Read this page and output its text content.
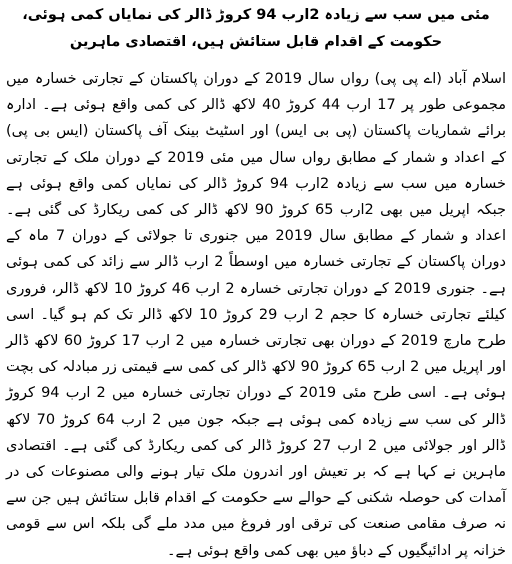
مئی میں سب سے زیادہ 2ارب 94 کروڑ ڈالر کی نمایاں کمی ہوئی، حکومت کے اقدام قابل ستائش ہیں، اقتصادی ماہرین

اسلام آباد (اے پی پی) رواں سال 2019 کے دوران پاکستان کے تجارتی خسارہ میں مجموعی طور پر 17 ارب 44 کروڑ 40 لاکھ ڈالر کی کمی واقع ہوئی ہے۔ ادارہ برائے شماریات پاکستان (پی بی ایس) اور اسٹیٹ بینک آف پاکستان (ایس بی پی) کے اعداد و شمار کے مطابق رواں سال میں مئی 2019 کے دوران ملک کے تجارتی خسارہ میں سب سے زیادہ 2ارب 94 کروڑ ڈالر کی نمایاں کمی واقع ہوئی ہے جبکہ اپریل میں بھی 2ارب 65 کروڑ 90 لاکھ ڈالر کی کمی ریکارڈ کی گئی ہے۔ اعداد و شمار کے مطابق سال 2019 میں جنوری تا جولائی کے دوران 7 ماہ کے دوران پاکستان کے تجارتی خسارہ میں اوسطاً 2 ارب ڈالر سے زائد کی کمی ہوئی ہے۔ جنوری 2019 کے دوران تجارتی خسارہ 2 ارب 46 کروڑ 10 لاکھ ڈالر، فروری کیلئے تجارتی خسارہ کا حجم 2 ارب 29 کروڑ 10 لاکھ ڈالر تک کم ہو گیا۔ اسی طرح مارچ 2019 کے دوران بھی تجارتی خسارہ میں 2 ارب 17 کروڑ 60 لاکھ ڈالر اور اپریل میں 2 ارب 65 کروڑ 90 لاکھ ڈالر کی کمی سے قیمتی زر مبادلہ کی بچت ہوئی ہے۔ اسی طرح مئی 2019 کے دوران تجارتی خسارہ میں 2 ارب 94 کروڑ ڈالر کی سب سے زیادہ کمی ہوئی ہے جبکہ جون میں 2 ارب 64 کروڑ 70 لاکھ ڈالر اور جولائی میں 2 ارب 27 کروڑ ڈالر کی کمی ریکارڈ کی گئی ہے۔ اقتصادی ماہرین نے کہا ہے کہ بر تعیش اور اندرون ملک تیار ہونے والی مصنوعات کی در آمدات کی حوصلہ شکنی کے حوالے سے حکومت کے اقدام قابل ستائش ہیں جن سے نہ صرف مقامی صنعت کی ترقی اور فروغ میں مدد ملے گی بلکہ اس سے قومی خزانہ پر ادائیگیوں کے دباؤ میں بھی کمی واقع ہوئی ہے۔
